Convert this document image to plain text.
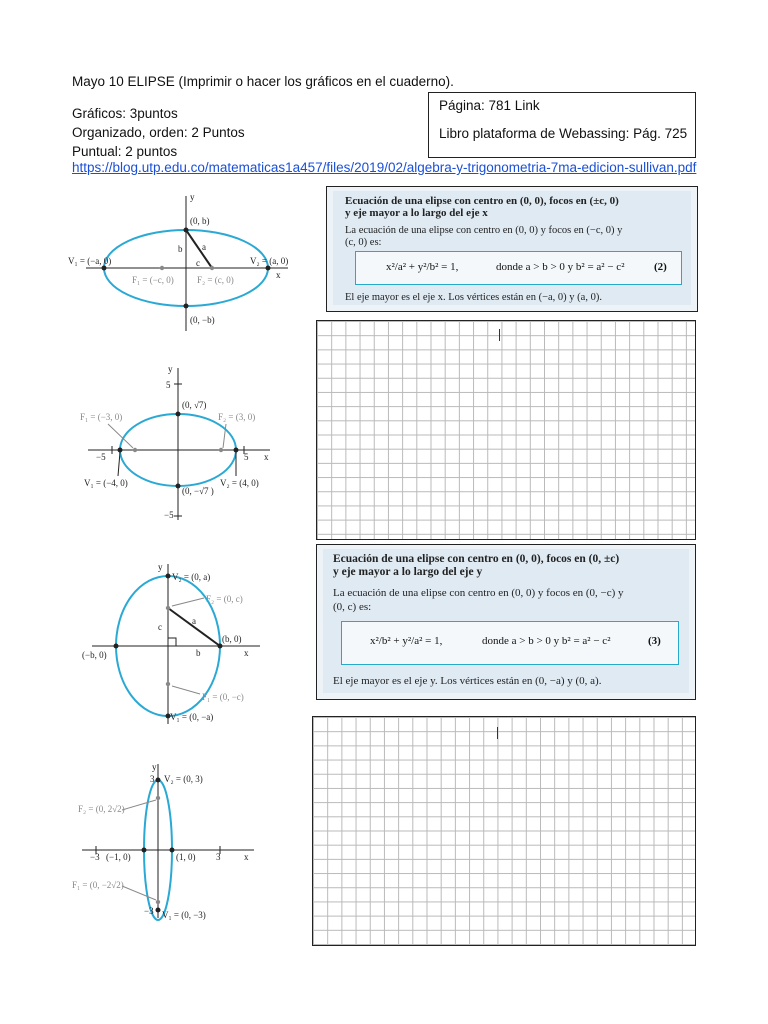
Mayo 10 ELIPSE (Imprimir o hacer los gráficos en el cuaderno).
Gráficos: 3puntos
Organizado, orden: 2 Puntos
Puntual: 2 puntos
Página: 781 Link
Libro plataforma de Webassing: Pág. 725
https://blog.utp.edu.co/matematicas1a457/files/2019/02/algebra-y-trigonometria-7ma-edicion-sullivan.pdf
y
x
(0, b)
(0, −b)
V₁ = (−a, 0)	V₂ = (a, 0)
F₁ = (−c, 0)	F₂ = (c, 0)
a
b
c
Ecuación de una elipse con centro en (0, 0), focos en (±c, 0)
y eje mayor a lo largo del eje x
La ecuación de una elipse con centro en (0, 0) y focos en (−c, 0) y
(c, 0) es:
x²/a² + y²/b² = 1,	donde a > b > 0 y b² = a² − c²	(2)
El eje mayor es el eje x. Los vértices están en (−a, 0) y (a, 0).
y
x
5
−5
−5	5
(0, √7)
(0, −√7 )
F₁ = (−3, 0)	F₂ = (3, 0)
V₁ = (−4, 0)	V₂ = (4, 0)
y
x
V₂ = (0, a)
V₁ = (0, −a)
F₂ = (0, c)
F₁ = (0, −c)
(b, 0)
(−b, 0)
a
b
c
Ecuación de una elipse con centro en (0, 0), focos en (0, ±c)
y eje mayor a lo largo del eje y
La ecuación de una elipse con centro en (0, 0) y focos en (0, −c) y
(0, c) es:
x²/b² + y²/a² = 1,	donde a > b > 0 y b² = a² − c²	(3)
El eje mayor es el eje y. Los vértices están en (0, −a) y (0, a).
y
x
3
−3
−3	3
V₂ = (0, 3)
V₁ = (0, −3)
F₂ = (0, 2√2)
F₁ = (0, −2√2)
(−1, 0)	(1, 0)
